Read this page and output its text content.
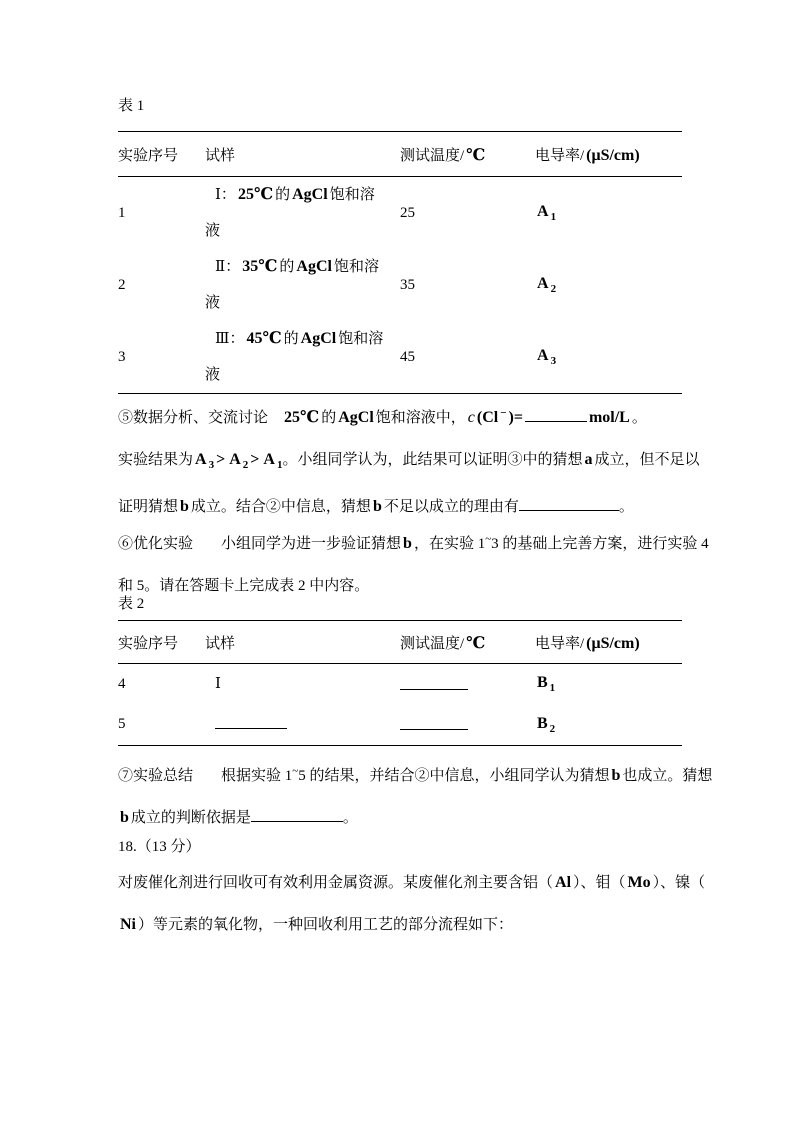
表 1
实验序号	试样	测试温度/ ℃	电导率/ (μS/cm)
1	Ⅰ： 25℃ 的 AgCl 饱和溶
液	25	A $_1$
2	Ⅱ： 35℃ 的 AgCl 饱和溶
液	35	A $_2$
3	Ⅲ： 45℃ 的 AgCl 饱和溶
液	45	A $_3$
⑤数据分析、交流讨论 25℃ 的 AgCl 饱和溶液中， c (Cl − )=	mol/L 。
实验结果为 A $_3$ > A $_2$ > A $_1$。小组同学认为，此结果可以证明③中的猜想 a 成立，但不足以
证明猜想 b 成立。结合②中信息，猜想 b 不足以成立的理由有	。
⑥优化实验 小组同学为进一步验证猜想 b ，在实验 1~3 的基础上完善方案，进行实验 4
和 5。请在答题卡上完成表 2 中内容。
表 2
实验序号	试样	测试温度/ ℃	电导率/ (μS/cm)
4	Ⅰ		B $_1$
5			B $_2$
⑦实验总结 根据实验 1~5 的结果，并结合②中信息，小组同学认为猜想 b 也成立。猜想
b 成立的判断依据是	。
18.（13 分）
对废催化剂进行回收可有效利用金属资源。某废催化剂主要含铝（ Al ）、钼（ Mo ）、镍（
Ni ）等元素的氧化物，一种回收利用工艺的部分流程如下：
